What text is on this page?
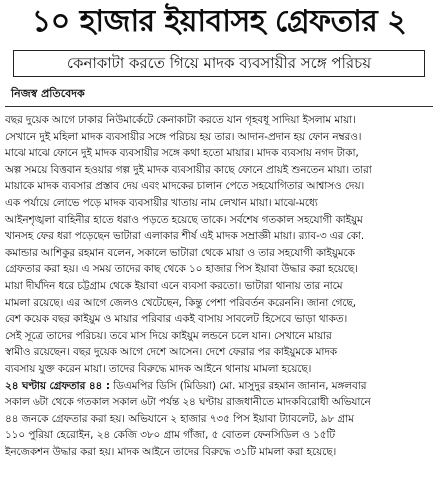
১০ হাজার ইয়াবাসহ গ্রেফতার ২
কেনাকাটা করতে গিয়ে মাদক ব্যবসায়ীর সঙ্গে পরিচয়
নিজস্ব প্রতিবেদক
বছর দুয়েক আগে ঢাকার নিউমার্কেটে কেনাকাটা করতে যান গৃহবধূ সাদিয়া ইসলাম মায়া।
সেখানে দুই মহিলা মাদক ব্যবসায়ীর সঙ্গে পরিচয় হয় তার। আদান-প্রদান হয় ফোন নম্বরও।
মাঝে মাঝে ফোনে দুই মাদক ব্যবসায়ীর সঙ্গে কথা হতো মায়ার। মাদক ব্যবসায় নগদ টাকা,
অল্প সময়ে বিত্তবান হওয়ার গল্প দুই মাদক ব্যবসায়ীর কাছে ফোনে প্রায়ই শুনতেন মায়া। তারা
মায়াকে মাদক ব্যবসার প্রস্তাব দেয় এবং মাদকের চালান পেতে সহযোগিতার আশ্বাসও দেয়।
এক পর্যায়ে লোভে পড়ে মাদক ব্যবসায়ীর খাতায় নাম লেখান মায়া। মাঝে-মধ্যে
আইনশৃঙ্খলা বাহিনীর হাতে ধরাও পড়তে হয়েছে তাকে। সর্বশেষ গতকাল সহযোগী কাইয়ুম
খানসহ ফের ধরা পড়েছেন ভাটারা এলাকার শীর্ষ এই মাদক সম্রাজ্ঞী মায়া। র‌্যাব-৩ এর কো.
কমান্ডার আশিকুর রহমান বলেন, সকালে ভাটারা থেকে মায়া ও তার সহযোগী কাইয়ুমকে
গ্রেফতার করা হয়। এ সময় তাদের কাছ থেকে ১০ হাজার পিস ইয়াবা উদ্ধার করা হয়েছে।
মায়া দীর্ঘদিন ধরে চট্টগ্রাম থেকে ইয়াবা এনে ব্যবসা করতো। ভাটারা থানায় তার নামে
মামলা রয়েছে। এর আগে জেলও খেটেছেন, কিন্তু পেশা পরিবর্তন করেননি। জানা গেছে,
বেশ কয়েক বছর কাইয়ুম ও মায়ার পরিবার একই বাসায় সাবলেট হিসেবে ভাড়া থাকত।
সেই সূত্রে তাদের পরিচয়। তবে মাস দিয়ে কাইয়ুম লন্ডনে চলে যান। সেখানে মায়ার
স্বামীও রয়েছেন। বছর দুয়েক আগে দেশে আসেন। দেশে ফেরার পর কাইয়ুমকে মাদক
ব্যবসায় যুক্ত করেন মায়া। তাদের বিরুদ্ধে মাদক আইনে থানায় মামলা হয়েছে।
২৪ ঘণ্টায় গ্রেফতার ৪৪ : ডিএমপির ডিসি (মিডিয়া) মো. মাসুদুর রহমান জানান, মঙ্গলবার
সকাল ৬টা থেকে গতকাল সকাল ৬টা পর্যন্ত ২৪ ঘণ্টায় রাজধানীতে মাদকবিরোধী অভিযানে
৪৪ জনকে গ্রেফতার করা হয়। অভিযানে ২ হাজার ৭৩৫ পিস ইয়াবা ট্যাবলেট, ৯৮ গ্রাম
১১০ পুরিয়া হেরোইন, ২৪ কেজি ৩৮০ গ্রাম গাঁজা, ৫ বোতল ফেনসিডিল ও ১৫টি
ইনজেকশন উদ্ধার করা হয়। মাদক আইনে তাদের বিরুদ্ধে ৩১টি মামলা করা হয়েছে।
